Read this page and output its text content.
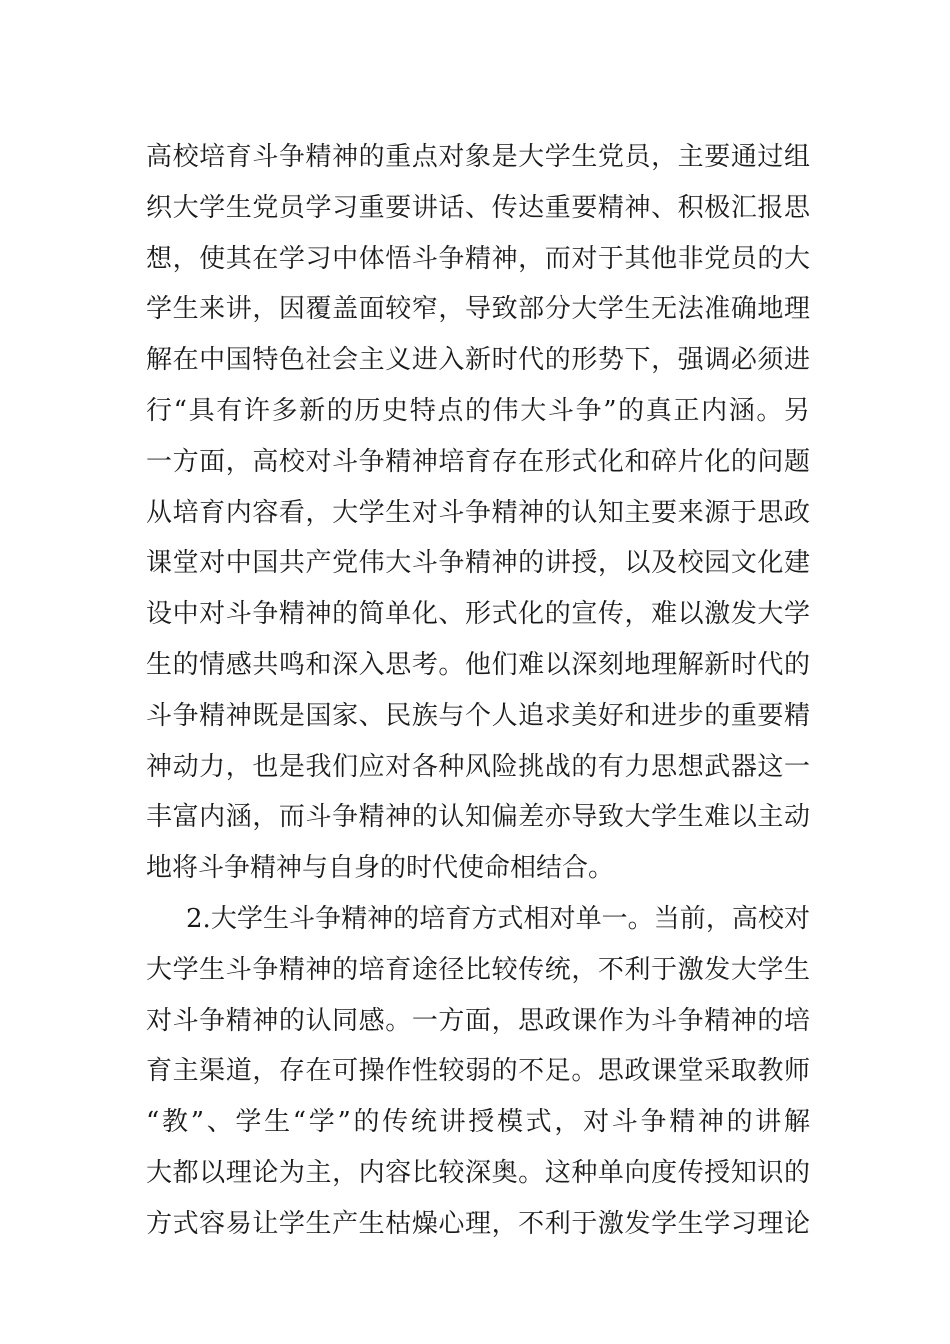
高校培育斗争精神的重点对象是大学生党员，主要通过组
织大学生党员学习重要讲话、传达重要精神、积极汇报思
想，使其在学习中体悟斗争精神，而对于其他非党员的大
学生来讲，因覆盖面较窄，导致部分大学生无法准确地理
解在中国特色社会主义进入新时代的形势下，强调必须进
行“具有许多新的历史特点的伟大斗争”的真正内涵。另
一方面，高校对斗争精神培育存在形式化和碎片化的问题
从培育内容看，大学生对斗争精神的认知主要来源于思政
课堂对中国共产党伟大斗争精神的讲授，以及校园文化建
设中对斗争精神的简单化、形式化的宣传，难以激发大学
生的情感共鸣和深入思考。他们难以深刻地理解新时代的
斗争精神既是国家、民族与个人追求美好和进步的重要精
神动力，也是我们应对各种风险挑战的有力思想武器这一
丰富内涵，而斗争精神的认知偏差亦导致大学生难以主动
地将斗争精神与自身的时代使命相结合。
2.大学生斗争精神的培育方式相对单一。当前，高校对
大学生斗争精神的培育途径比较传统，不利于激发大学生
对斗争精神的认同感。一方面，思政课作为斗争精神的培
育主渠道，存在可操作性较弱的不足。思政课堂采取教师
“教”、学生“学”的传统讲授模式，对斗争精神的讲解
大都以理论为主，内容比较深奥。这种单向度传授知识的
方式容易让学生产生枯燥心理，不利于激发学生学习理论
